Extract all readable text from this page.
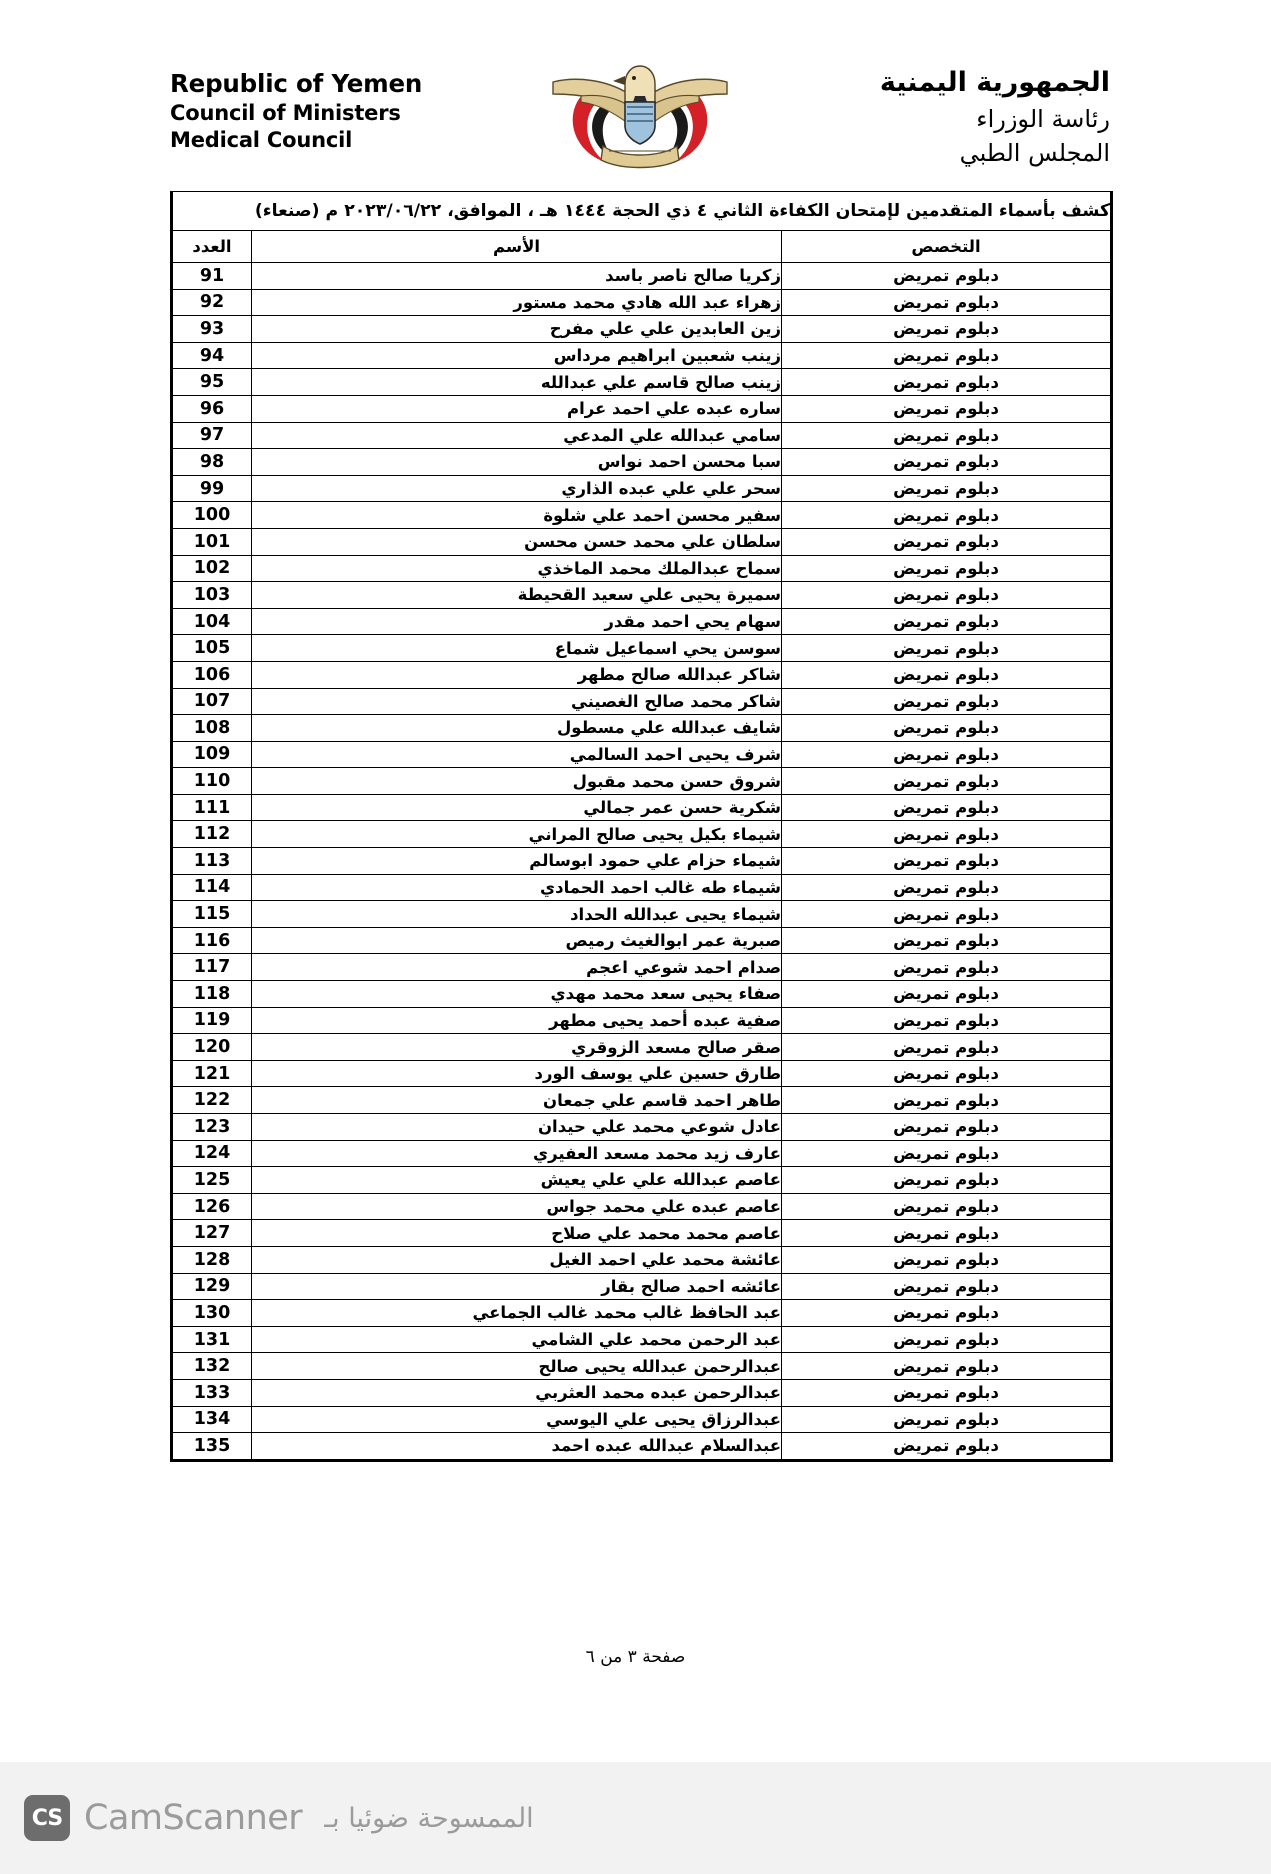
Republic of Yemen
Council of Ministers
Medical Council
الجمهورية اليمنية
رئاسة الوزراء
المجلس الطبي
كشف بأسماء المتقدمين لإمتحان الكفاءة الثاني ٤ ذي الحجة ١٤٤٤ هـ ، الموافق، ٢٠٢٣/٠٦/٢٢ م (صنعاء)		

التخصص	الأسم	العدد
دبلوم تمريض	زكريا صالح ناصر باسد	91
دبلوم تمريض	زهراء عبد الله هادي محمد مستور	92
دبلوم تمريض	زين العابدين علي علي مفرح	93
دبلوم تمريض	زينب شعبين ابراهيم مرداس	94
دبلوم تمريض	زينب صالح قاسم علي عبدالله	95
دبلوم تمريض	ساره عبده علي احمد عرام	96
دبلوم تمريض	سامي عبدالله علي المدعي	97
دبلوم تمريض	سبا محسن احمد نواس	98
دبلوم تمريض	سحر علي علي عبده الذاري	99
دبلوم تمريض	سفير محسن احمد علي شلوة	100
دبلوم تمريض	سلطان علي محمد حسن محسن	101
دبلوم تمريض	سماح عبدالملك محمد الماخذي	102
دبلوم تمريض	سميرة يحيى علي سعيد القحيطة	103
دبلوم تمريض	سهام يحي احمد مقدر	104
دبلوم تمريض	سوسن يحي اسماعيل شماع	105
دبلوم تمريض	شاكر عبدالله صالح مطهر	106
دبلوم تمريض	شاكر محمد صالح الغصيني	107
دبلوم تمريض	شايف عبدالله علي مسطول	108
دبلوم تمريض	شرف يحيى احمد السالمي	109
دبلوم تمريض	شروق حسن محمد مقبول	110
دبلوم تمريض	شكرية حسن عمر جمالي	111
دبلوم تمريض	شيماء بكيل يحيى صالح المراني	112
دبلوم تمريض	شيماء حزام علي حمود ابوسالم	113
دبلوم تمريض	شيماء طه غالب احمد الحمادي	114
دبلوم تمريض	شيماء يحيى عبدالله الحداد	115
دبلوم تمريض	صبرية عمر ابوالغيث رميص	116
دبلوم تمريض	صدام احمد شوعي اعجم	117
دبلوم تمريض	صفاء يحيى سعد محمد مهدي	118
دبلوم تمريض	صفية عبده أحمد يحيى مطهر	119
دبلوم تمريض	صقر صالح مسعد الزوقري	120
دبلوم تمريض	طارق حسين علي يوسف الورد	121
دبلوم تمريض	طاهر احمد قاسم علي جمعان	122
دبلوم تمريض	عادل شوعي محمد علي حيدان	123
دبلوم تمريض	عارف زيد محمد مسعد العفيري	124
دبلوم تمريض	عاصم عبدالله علي علي يعيش	125
دبلوم تمريض	عاصم عبده علي محمد جواس	126
دبلوم تمريض	عاصم محمد محمد علي صلاح	127
دبلوم تمريض	عائشة محمد علي احمد الغيل	128
دبلوم تمريض	عائشه احمد صالح بقار	129
دبلوم تمريض	عبد الحافظ غالب محمد غالب الجماعي	130
دبلوم تمريض	عبد الرحمن محمد علي الشامي	131
دبلوم تمريض	عبدالرحمن عبدالله يحيى صالح	132
دبلوم تمريض	عبدالرحمن عبده محمد العثربي	133
دبلوم تمريض	عبدالرزاق يحيى علي اليوسي	134
دبلوم تمريض	عبدالسلام عبدالله عبده احمد	135
صفحة ٣ من ٦
CS CamScanner الممسوحة ضوئيا بـ
